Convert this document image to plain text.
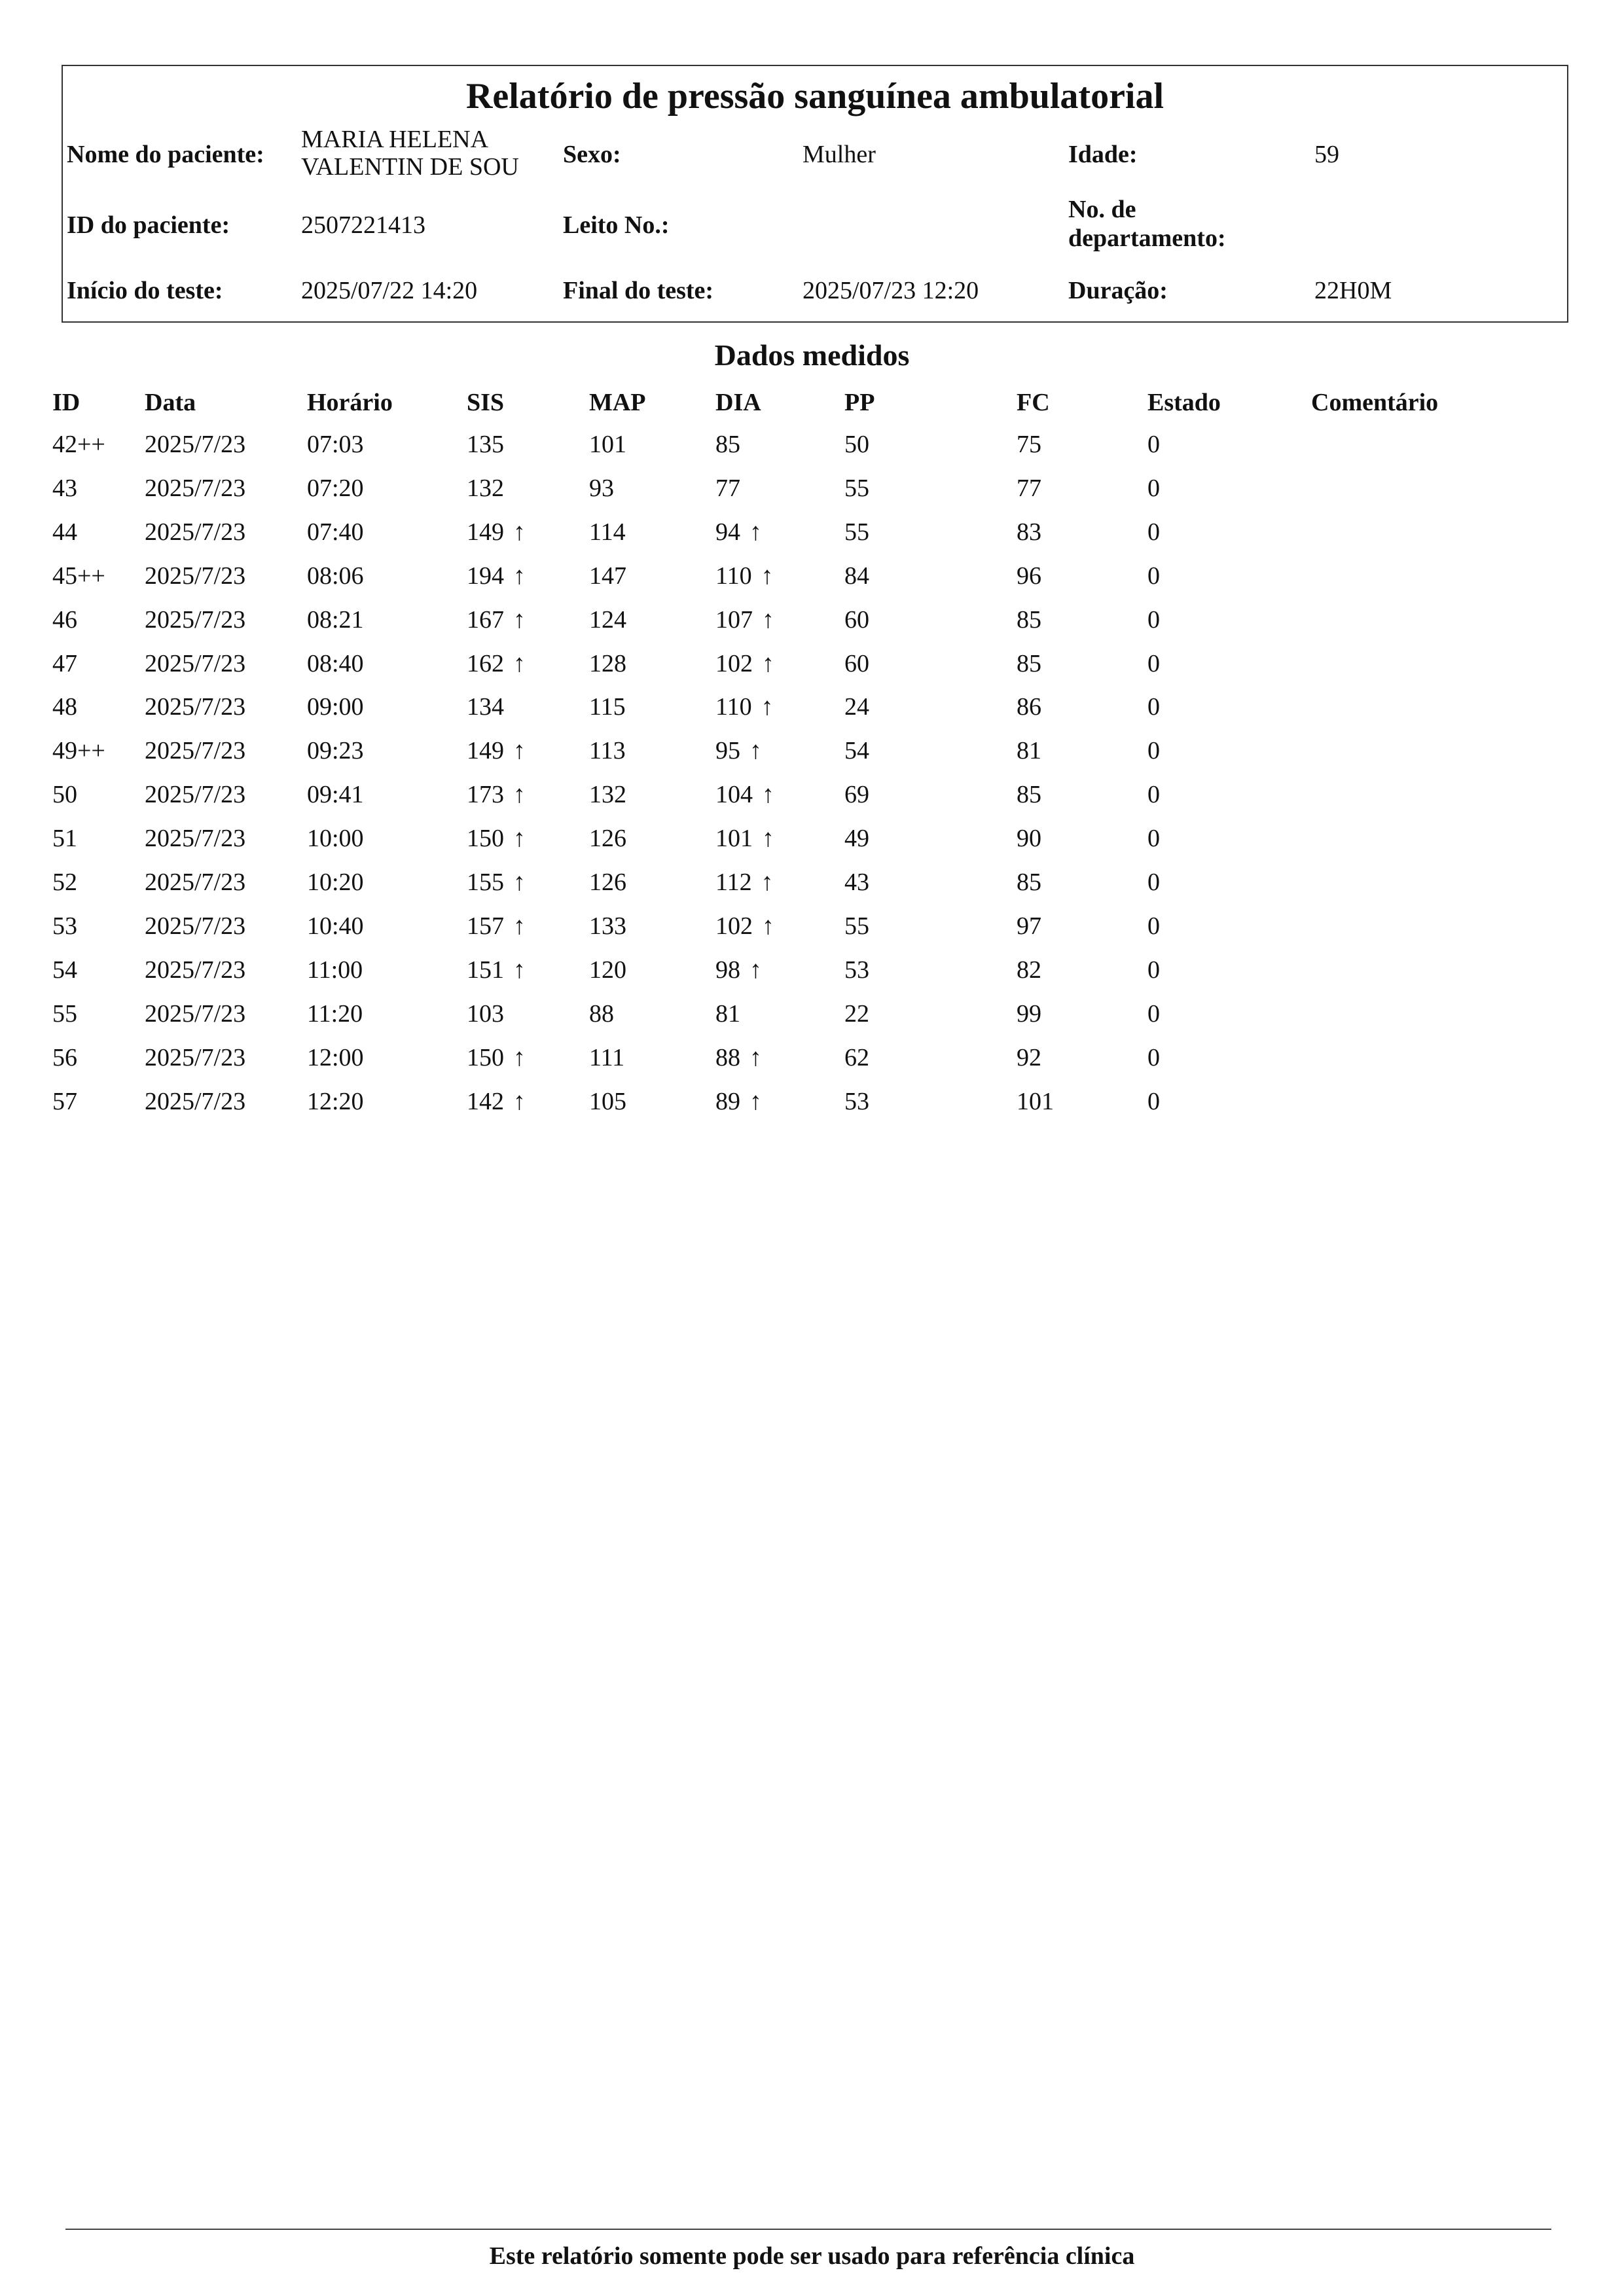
Relatório de pressão sanguínea ambulatorial
Nome do paciente:
MARIA HELENA
VALENTIN DE SOU Sexo:	Mulher	Idade:	59
ID do paciente:	2507221413	Leito No.:
No. de
departamento:
Início do teste:	2025/07/22 14:20	Final do teste:	2025/07/23 12:20	Duração:	22H0M
Dados medidos
ID	Data	Horário	SIS	MAP	DIA	PP	FC	Estado	Comentário
42++ 2025/7/23 07:03	135	101	85	50	75	0
43	2025/7/23 07:20	132	93	77	55	77	0
44	2025/7/23 07:40	149 ↑	114	94 ↑	55	83	0
45++ 2025/7/23 08:06	194 ↑	147	110 ↑	84	96	0
46	2025/7/23 08:21	167 ↑	124	107 ↑	60	85	0
47	2025/7/23 08:40	162 ↑	128	102 ↑	60	85	0
48	2025/7/23 09:00	134	115	110 ↑	24	86	0
49++ 2025/7/23 09:23	149 ↑	113	95 ↑	54	81	0
50	2025/7/23 09:41	173 ↑	132	104 ↑	69	85	0
51	2025/7/23 10:00	150 ↑	126	101 ↑	49	90	0
52	2025/7/23 10:20	155 ↑	126	112 ↑	43	85	0
53	2025/7/23 10:40	157 ↑	133	102 ↑	55	97	0
54	2025/7/23 11:00	151 ↑	120	98 ↑	53	82	0
55	2025/7/23 11:20	103	88	81	22	99	0
56	2025/7/23 12:00	150 ↑	111	88 ↑	62	92	0
57	2025/7/23 12:20	142 ↑	105	89 ↑	53	101	0
Este relatório somente pode ser usado para referência clínica
